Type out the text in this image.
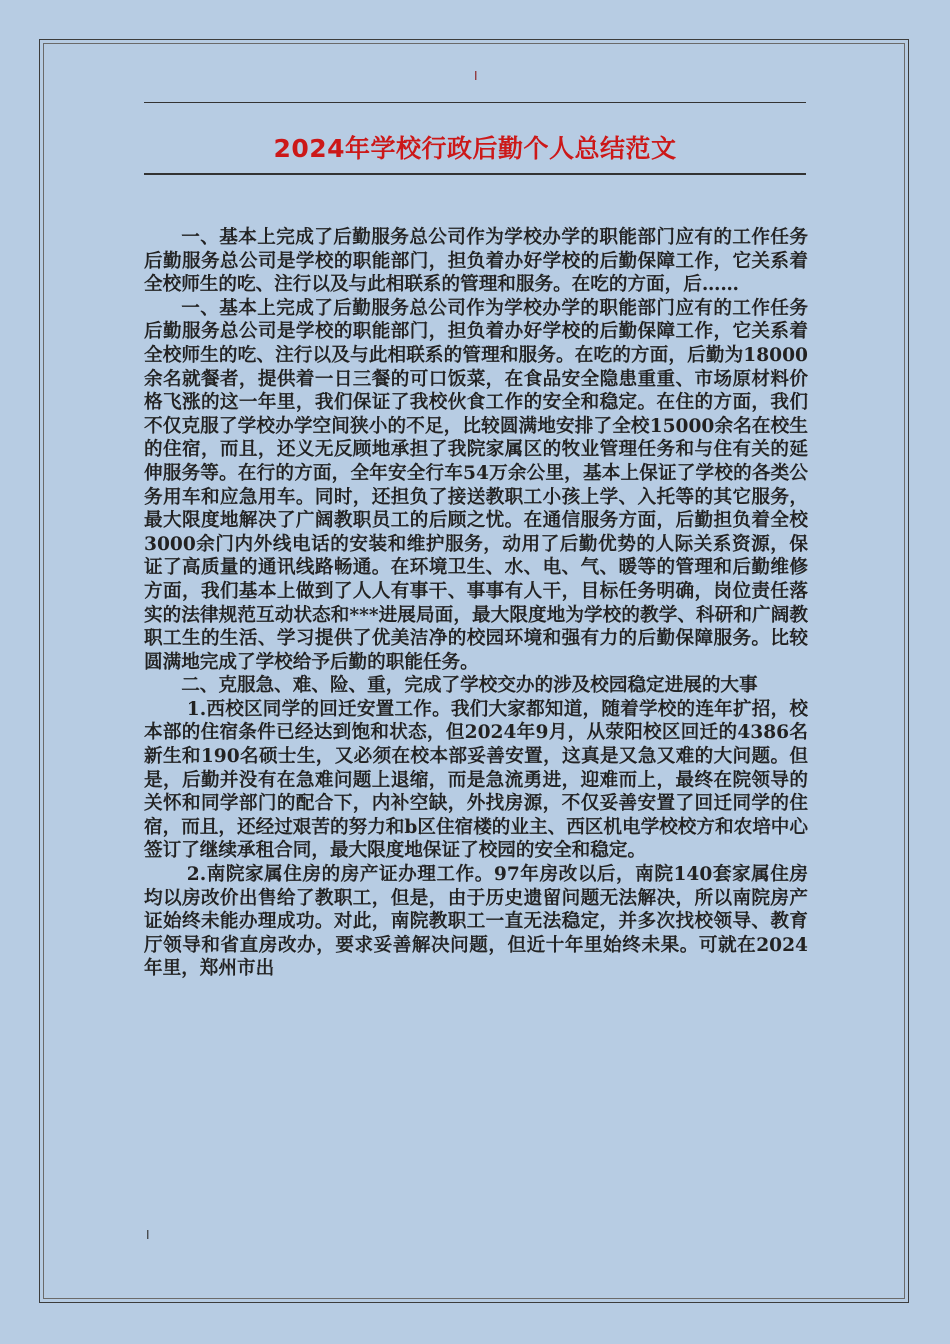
I
2024年学校行政后勤个人总结范文

一、基本上完成了后勤服务总公司作为学校办学的职能部门应有的工作任务 后勤服务总公司是学校的职能部门，担负着办好学校的后勤保障工作，它关系着全校师生的吃、注行以及与此相联系的管理和服务。在吃的方面，后……

一、基本上完成了后勤服务总公司作为学校办学的职能部门应有的工作任务 后勤服务总公司是学校的职能部门，担负着办好学校的后勤保障工作，它关系着全校师生的吃、注行以及与此相联系的管理和服务。在吃的方面，后勤为18000余名就餐者，提供着一日三餐的可口饭菜，在食品安全隐患重重、市场原材料价格飞涨的这一年里，我们保证了我校伙食工作的安全和稳定。在住的方面，我们不仅克服了学校办学空间狭小的不足，比较圆满地安排了全校15000余名在校生的住宿，而且，还义无反顾地承担了我院家属区的牧业管理任务和与住有关的延伸服务等。在行的方面，全年安全行车54万余公里，基本上保证了学校的各类公务用车和应急用车。同时，还担负了接送教职工小孩上学、入托等的其它服务，最大限度地解决了广阔教职员工的后顾之忧。在通信服务方面，后勤担负着全校3000余门内外线电话的安装和维护服务，动用了后勤优势的人际关系资源，保证了高质量的通讯线路畅通。在环境卫生、水、电、气、暖等的管理和后勤维修方面，我们基本上做到了人人有事干、事事有人干，目标任务明确，岗位责任落实的法律规范互动状态和***进展局面，最大限度地为学校的教学、科研和广阔教职工生的生活、学习提供了优美洁净的校园环境和强有力的后勤保障服务。比较圆满地完成了学校给予后勤的职能任务。

二、克服急、难、险、重，完成了学校交办的涉及校园稳定进展的大事

1.西校区同学的回迁安置工作。我们大家都知道，随着学校的连年扩招，校本部的住宿条件已经达到饱和状态，但2024年9月，从荥阳校区回迁的4386名新生和190名硕士生，又必须在校本部妥善安置，这真是又急又难的大问题。但是，后勤并没有在急难问题上退缩，而是急流勇进，迎难而上，最终在院领导的关怀和同学部门的配合下，内补空缺，外找房源，不仅妥善安置了回迁同学的住宿，而且，还经过艰苦的努力和b区住宿楼的业主、西区机电学校校方和农培中心签订了继续承租合同，最大限度地保证了校园的安全和稳定。

2.南院家属住房的房产证办理工作。97年房改以后，南院140套家属住房均以房改价出售给了教职工，但是，由于历史遗留问题无法解决，所以南院房产证始终未能办理成功。对此，南院教职工一直无法稳定，并多次找校领导、教育厅领导和省直房改办，要求妥善解决问题，但近十年里始终未果。可就在2024年里，郑州市出

I
